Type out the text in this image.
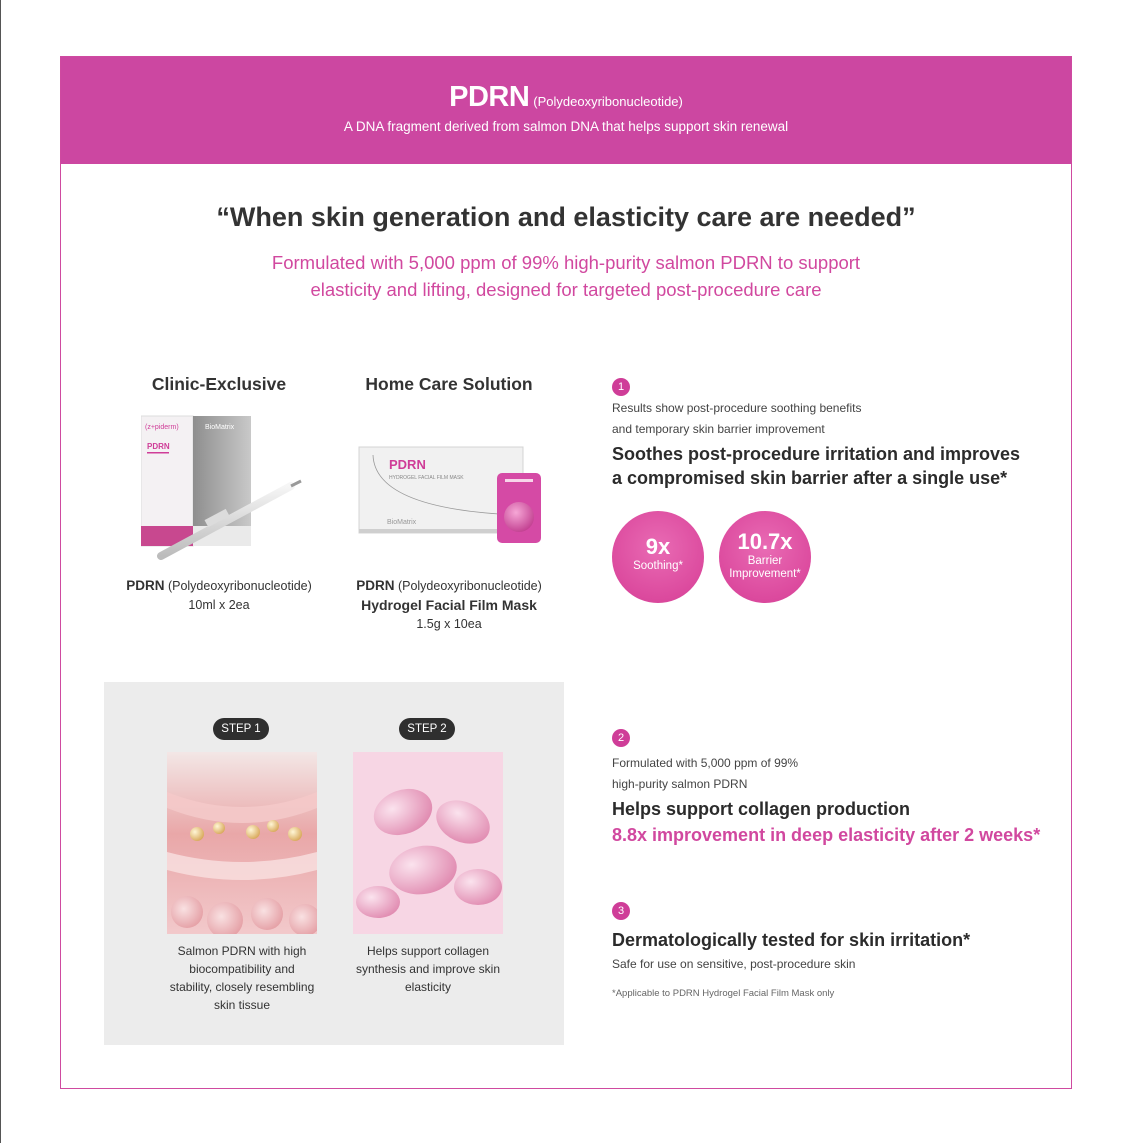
PDRN (Polydeoxyribonucleotide)
A DNA fragment derived from salmon DNA that helps support skin renewal
“When skin generation and elasticity care are needed”
Formulated with 5,000 ppm of 99% high-purity salmon PDRN to support
elasticity and lifting, designed for targeted post-procedure care
Clinic-Exclusive
(z+piderm)	BioMatrix
PDRN
PDRN (Polydeoxyribonucleotide)
10ml x 2ea
Home Care Solution
PDRN
HYDROGEL FACIAL FILM MASK
BioMatrix
PDRN (Polydeoxyribonucleotide)
Hydrogel Facial Film Mask
1.5g x 10ea
1
Results show post-procedure soothing benefits
and temporary skin barrier improvement
Soothes post-procedure irritation and improves
a compromised skin barrier after a single use*
9x
Soothing*
10.7x
Barrier
Improvement*
STEP 1	STEP 2
Salmon PDRN with high
biocompatibility and
stability, closely resembling
skin tissue
Helps support collagen
synthesis and improve skin
elasticity
2
Formulated with 5,000 ppm of 99%
high-purity salmon PDRN
Helps support collagen production
8.8x improvement in deep elasticity after 2 weeks*
3
Dermatologically tested for skin irritation*
Safe for use on sensitive, post-procedure skin
*Applicable to PDRN Hydrogel Facial Film Mask only
